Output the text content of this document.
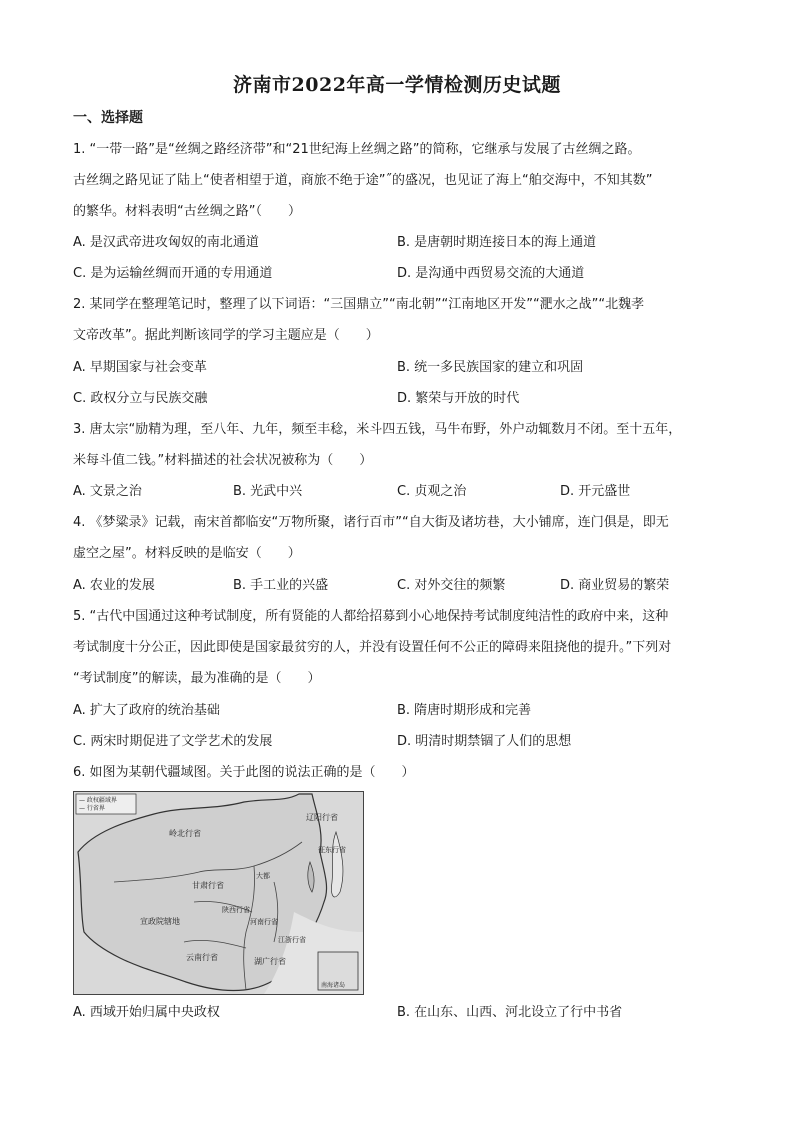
济南市2022年高一学情检测历史试题
一、选择题
1. “一带一路”是“丝绸之路经济带”和“21世纪海上丝绸之路”的简称，它继承与发展了古丝绸之路。
古丝绸之路见证了陆上“使者相望于道，商旅不绝于途”˝的盛况，也见证了海上“舶交海中，不知其数”
的繁华。材料表明“古丝绸之路”（　　）
A. 是汉武帝进攻匈奴的南北通道	B. 是唐朝时期连接日本的海上通道
C. 是为运输丝绸而开通的专用通道	D. 是沟通中西贸易交流的大通道
2. 某同学在整理笔记时，整理了以下词语：“三国鼎立”“南北朝”“江南地区开发”“淝水之战”“北魏孝
文帝改革”。据此判断该同学的学习主题应是（　　）
A. 早期国家与社会变革	B. 统一多民族国家的建立和巩固
C. 政权分立与民族交融	D. 繁荣与开放的时代
3. 唐太宗“励精为理，至八年、九年，频至丰稔，米斗四五钱，马牛布野，外户动辄数月不闭。至十五年，
米每斗值二钱。”材料描述的社会状况被称为（　　）
A. 文景之治	B. 光武中兴	C. 贞观之治	D. 开元盛世
4. 《梦粱录》记载，南宋首都临安“万物所聚，诸行百市”“自大街及诸坊巷，大小铺席，连门俱是，即无
虚空之屋”。材料反映的是临安（　　）
A. 农业的发展	B. 手工业的兴盛	C. 对外交往的频繁	D. 商业贸易的繁荣
5. “古代中国通过这种考试制度，所有贤能的人都给招募到小心地保持考试制度纯洁性的政府中来，这种
考试制度十分公正，因此即使是国家最贫穷的人，并没有设置任何不公正的障碍来阻挠他的提升。”下列对
“考试制度”的解读，最为准确的是（　　）
A. 扩大了政府的统治基础	B. 隋唐时期形成和完善
C. 两宋时期促进了文学艺术的发展	D. 明清时期禁锢了人们的思想
6. 如图为某朝代疆域图。关于此图的说法正确的是（　　）
— 政权疆域界
— 行省界
南海诸岛
岭北行省
辽阳行省
征东行省
甘肃行省
宣政院辖地
云南行省	湖广行省
陕西行省
河南行省
江浙行省
大都
A. 西域开始归属中央政权	B. 在山东、山西、河北设立了行中书省
